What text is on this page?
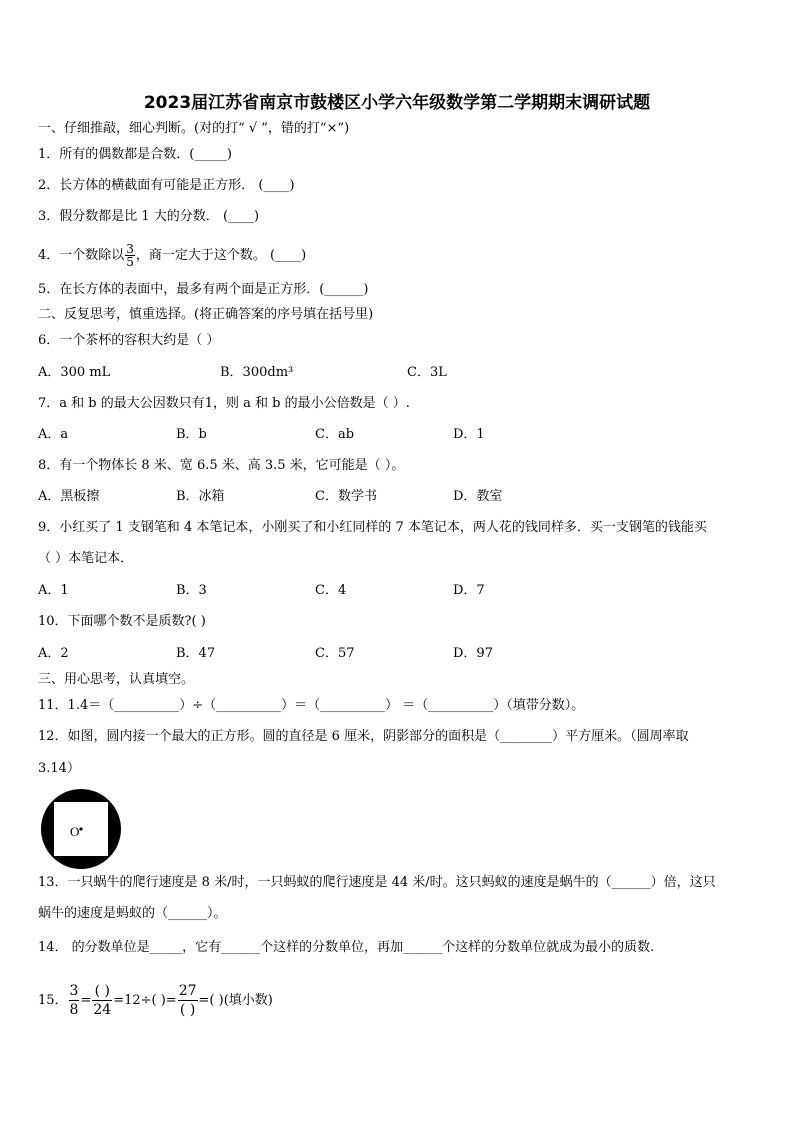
2023届江苏省南京市鼓楼区小学六年级数学第二学期期末调研试题
一、仔细推敲，细心判断。(对的打“ √ ”，错的打“×”)
1．所有的偶数都是合数．(_____)
2．长方体的横截面有可能是正方形． (____)
3．假分数都是比 1 大的分数． (____)
4．一个数除以 $\frac{3}{5}$ ，商一定大于这个数。 (____)
5．在长方体的表面中，最多有两个面是正方形．(______)
二、反复思考，慎重选择。(将正确答案的序号填在括号里)
6．一个茶杯的容积大约是（ ）
A．300 mL	B．300dm³	C．3L
7．a 和 b 的最大公因数只有1，则 a 和 b 的最小公倍数是（ ）.
A．a	B．b	C．ab	D．1
8．有一个物体长 8 米、宽 6.5 米、高 3.5 米，它可能是（ ）。
A．黑板擦	B．冰箱	C．数学书	D．教室
9．小红买了 1 支钢笔和 4 本笔记本，小刚买了和小红同样的 7 本笔记本，两人花的钱同样多．买一支钢笔的钱能买
（ ）本笔记本．
A．1	B．3	C．4	D．7
10．下面哪个数不是质数?( )
A．2	B．47	C．57	D．97
三、用心思考，认真填空。
11．1.4＝（__________）÷（__________）＝（__________） ＝（__________）（填带分数）。
12．如图，圆内接一个最大的正方形。圆的直径是 6 厘米，阴影部分的面积是（________）平方厘米。（圆周率取
3.14）
O
13．一只蜗牛的爬行速度是 8 米/时，一只蚂蚁的爬行速度是 44 米/时。这只蚂蚁的速度是蜗牛的（______）倍，这只
蜗牛的速度是蚂蚁的（______）。
14． 的分数单位是_____，它有______个这样的分数单位，再加______个这样的分数单位就成为最小的质数.
15． $\frac{3}{8} = \frac{( )}{24} =12\div$( )= $\frac{27}{( )}$ =( )(填小数)
